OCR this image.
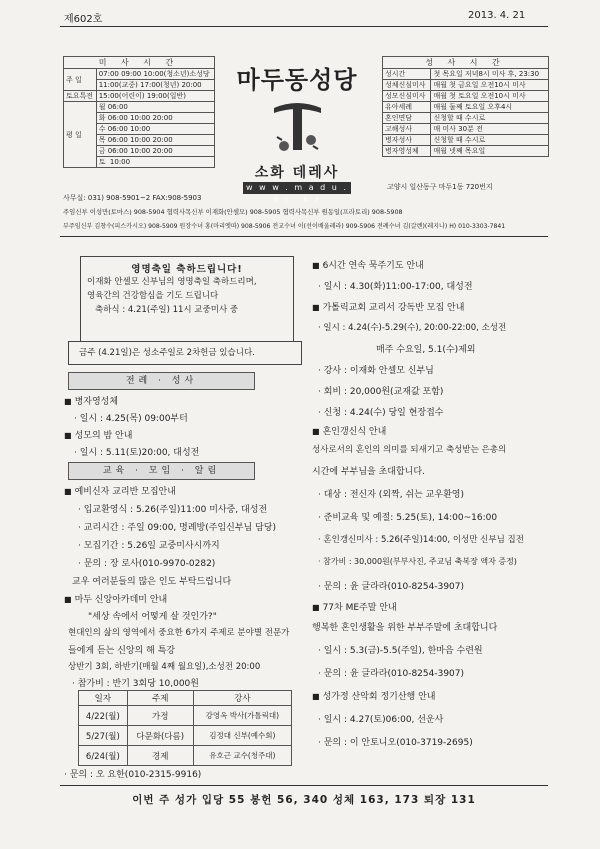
제602호	2013. 4. 21
미 사 시 간	
주 일	07:00 09:00 10:00(청소년)소성당
	11:00(교중) 17:00(청년) 20:00
토요특전	15:00(어린이) 19:00(일반)
평 일	월 06:00
	화 06:00 10:00 20:00
	수 06:00 10:00
	목 06:00 10:00 20:00
	금 06:00 10:00 20:00
	토  10:00
마두동성당
소화 데레사
w w w . m a d u . o r . k r
성 사 시 간	
성시간	첫 목요일 저녁8시 미사 후, 23:30
성체신심미사	매월 첫 금요일 오전10시 미사
성모신심미사	매월 첫 토요일 오전10시 미사
유아세례	매월 둘째 토요일 오후4시
혼인면담	신청할 때 수시로
고해성사	매 미사 30분 전
병자성사	신청할 때 수시로
병자영성체	매월 넷째 목요일
고양시 일산동구 마두1동 720번지
사무실: 031) 908-5901~2 FAX:908-5903
주임신부 이성만(토마스) 908-5904 협력사목신부 이재화(안셀모) 908-5905 협력사목신부 원동일(프라토리) 908-5908
부주임신부 김창수(피스카시오) 908-5909 원장수녀 홍(마리엣따) 908-5906 전교수녀 이(선이배울레라) 909-5906 전례수녀 김(갈렌)(레지나) H) 010-3303-7841
영명축일 축하드립니다!
이재화 안셀모 신부님의 영명축일 축하드리며,
영육간의 건강함심을 기도 드립니다
축하식 : 4.21(주일) 11시 교중미사 중
금주 (4.21일)은 성소주일로 2차헌금 있습니다.
전례 · 성사
■ 병자영성체
· 일시 : 4.25(목) 09:00부터
■ 성모의 밤 안내
· 일시 : 5.11(토)20:00, 대성전
교육 · 모임 · 알림
■ 예비신자 교리반 모집안내
· 입교환영식 : 5.26(주일)11:00 미사중, 대성전
· 교리시간 : 주일 09:00, 명례방(주임신부님 담당)
· 모집기간 : 5.26일 교중미사시까지
· 문의 : 장 로사(010-9970-0282)
교우 여러분들의 많은 인도 부탁드립니다
■ 마두 신앙아카데미 안내
"세상 속에서 어떻게 살 것인가?"
현대인의 삶의 영역에서 중요한 6가지 주제로 분야별 전문가
들에게 듣는 신앙의 해 특강
상반기 3회, 하반기(매월 4째 월요일),소성전 20:00
· 참가비 : 반기 3회당 10,000원
일자	주제	강사
4/22(월)	가정	강영옥 박사(가톨릭대)
5/27(월)	다문화(다름)	김정대 신부(예수회)
6/24(월)	경제	유호근 교수(청주대)
· 문의 : 오 요한(010-2315-9916)
■ 6시간 연속 묵주기도 안내
· 일시 : 4.30(화)11:00-17:00, 대성전
■ 가톨릭교회 교리서 강독반 모집 안내
· 일시 : 4.24(수)-5.29(수), 20:00-22:00, 소성전
매주 수요일, 5.1(수)제외
· 강사 : 이재화 안셀모 신부님
· 회비 : 20,000원(교재값 포함)
· 신청 : 4.24(수) 당일 현장접수
■ 혼인갱신식 안내
성사로서의 혼인의 의미를 되새기고 축성받는 은총의
시간에 부부님을 초대합니다.
· 대상 : 전신자 (외짝, 쉬는 교우환영)
· 준비교육 및 예절: 5.25(토), 14:00~16:00
· 혼인갱신미사 : 5.26(주일)14:00, 이성만 신부님 집전
· 참가비 : 30,000원(부부사진, 주교님 축복장 액자 증정)
· 문의 : 윤 글라라(010-8254-3907)
■ 77차 ME주말 안내
행복한 혼인생활을 위한 부부주말에 초대합니다
· 일시 : 5.3(금)-5.5(주일), 한마음 수련원
· 문의 : 윤 글라라(010-8254-3907)
■ 성가정 산악회 정기산행 안내
· 일시 : 4.27(토)06:00, 선운사
· 문의 : 이 안토니오(010-3719-2695)
이번 주 성가 입당 55 봉헌 56, 340 성체 163, 173 퇴장 131
